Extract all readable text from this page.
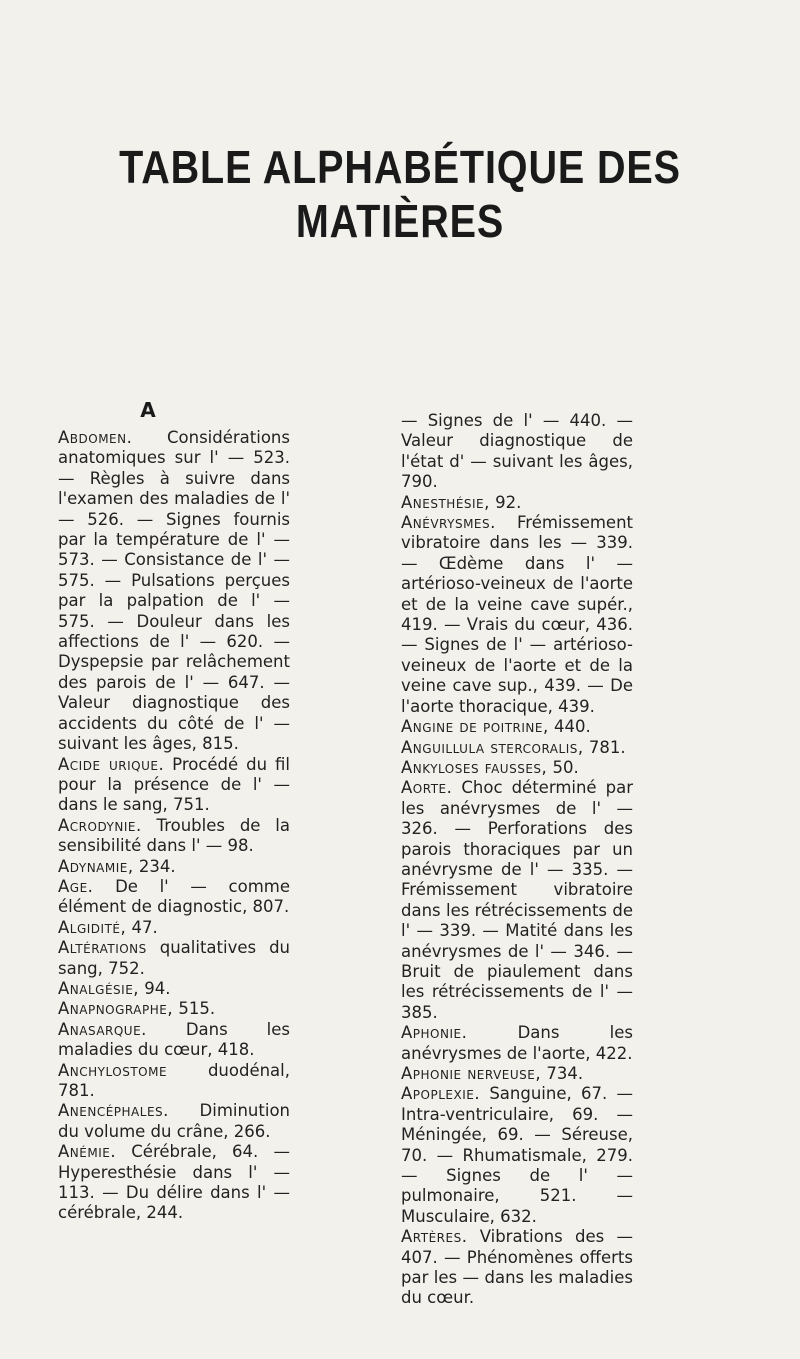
TABLE ALPHABÉTIQUE DES MATIÈRES
A

Abdomen. Considérations anatomiques sur l' — 523. — Règles à suivre dans l'examen des maladies de l' — 526. — Signes fournis par la température de l' — 573. — Consistance de l' — 575. — Pulsations perçues par la palpation de l' — 575. — Douleur dans les affections de l' — 620. — Dyspepsie par relâchement des parois de l' — 647. — Valeur diagnostique des accidents du côté de l' — suivant les âges, 815.

Acide urique. Procédé du fil pour la présence de l' — dans le sang, 751.

Acrodynie. Troubles de la sensibilité dans l' — 98.

Adynamie, 234.

Age. De l' — comme élément de diagnostic, 807.

Algidité, 47.

Altérations qualitatives du sang, 752.

Analgésie, 94.

Anapnographe, 515.

Anasarque. Dans les maladies du cœur, 418.

Anchylostome duodénal, 781.

Anencéphales. Diminution du volume du crâne, 266.

Anémie. Cérébrale, 64. — Hyperesthésie dans l' — 113. — Du délire dans l' — cérébrale, 244.

— Signes de l' — 440. — Valeur diagnostique de l'état d' — suivant les âges, 790.

Anesthésie, 92.

Anévrysmes. Frémissement vibratoire dans les — 339. — Œdème dans l' — artérioso-veineux de l'aorte et de la veine cave supér., 419. — Vrais du cœur, 436. — Signes de l' — artérioso-veineux de l'aorte et de la veine cave sup., 439. — De l'aorte thoracique, 439.

Angine de poitrine, 440.

Anguillula stercoralis, 781.

Ankyloses fausses, 50.

Aorte. Choc déterminé par les anévrysmes de l' — 326. — Perforations des parois thoraciques par un anévrysme de l' — 335. — Frémissement vibratoire dans les rétrécissements de l' — 339. — Matité dans les anévrysmes de l' — 346. — Bruit de piaulement dans les rétrécissements de l' — 385.

Aphonie. Dans les anévrysmes de l'aorte, 422.

Aphonie nerveuse, 734.

Apoplexie. Sanguine, 67. — Intra-ventriculaire, 69. — Méningée, 69. — Séreuse, 70. — Rhumatismale, 279. — Signes de l' — pulmonaire, 521. — Musculaire, 632.

Artères. Vibrations des — 407. — Phénomènes offerts par les — dans les maladies du cœur.
